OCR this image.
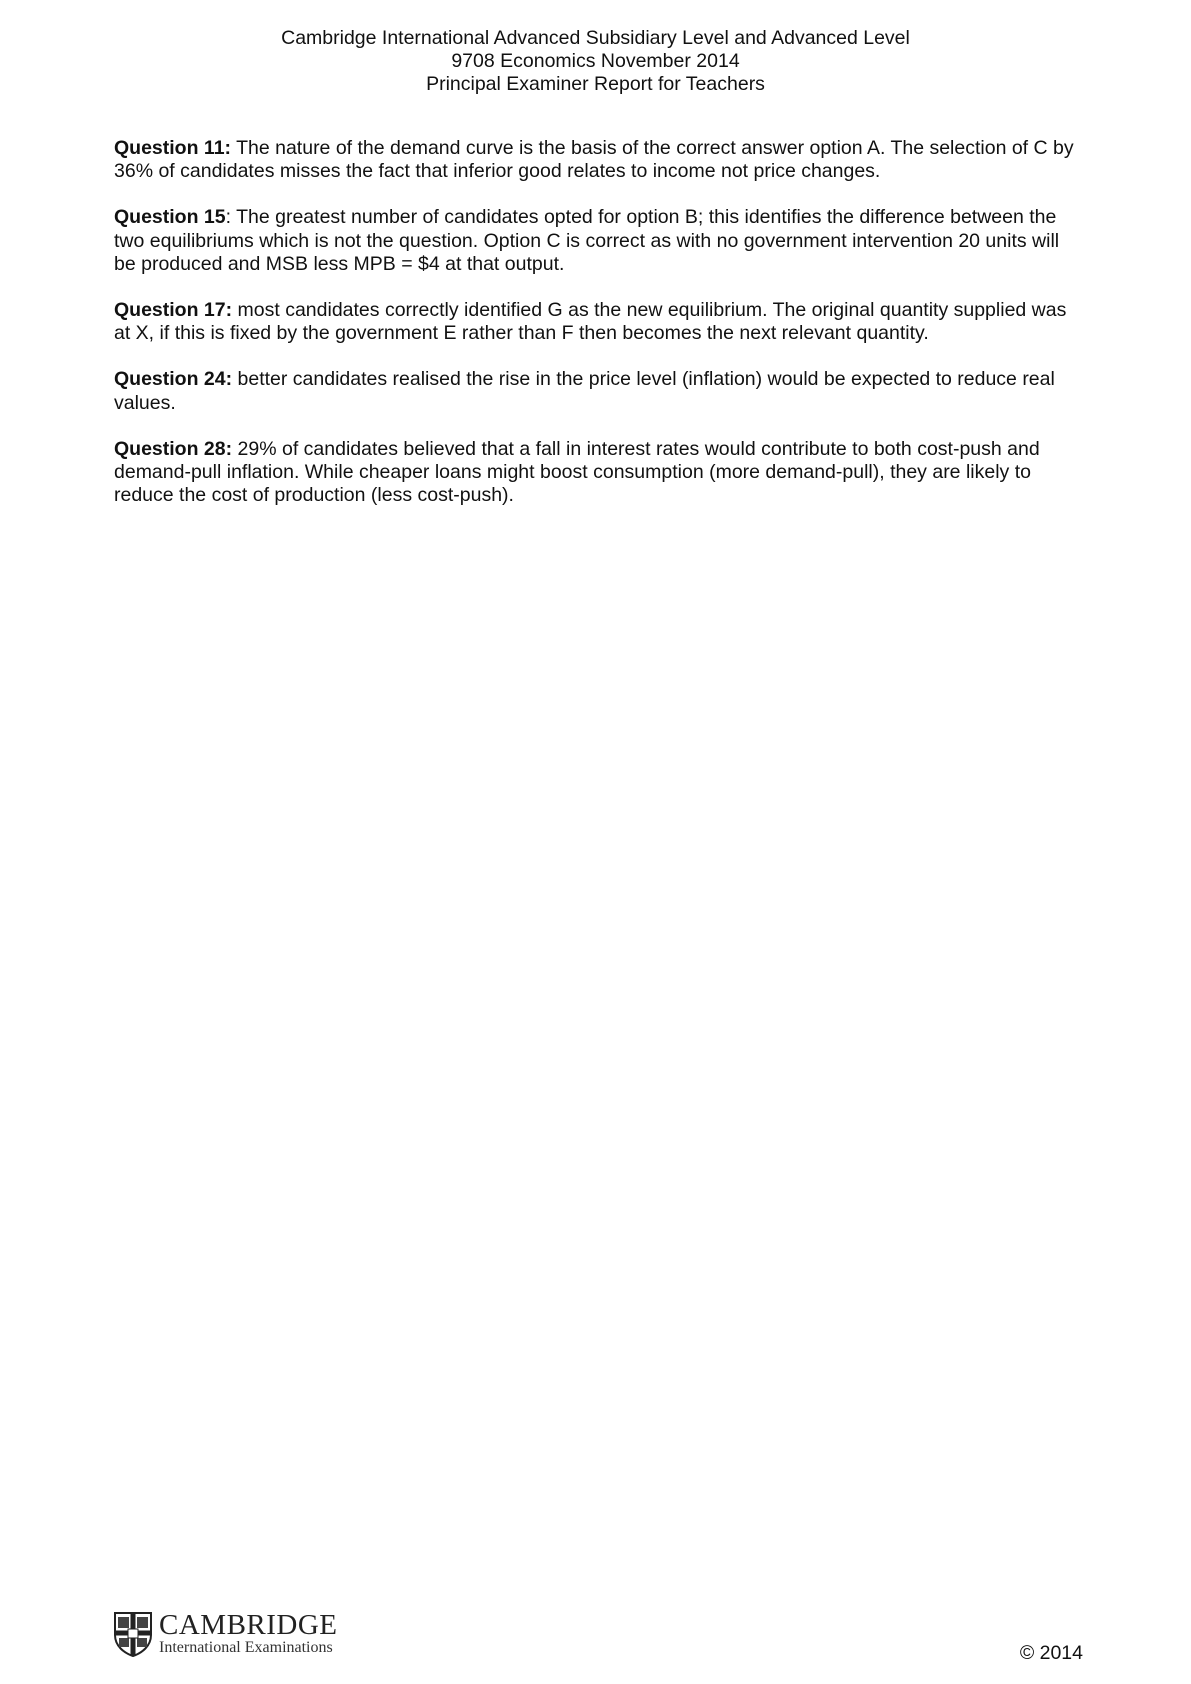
Cambridge International Advanced Subsidiary Level and Advanced Level
9708 Economics November 2014
Principal Examiner Report for Teachers

Question 11: The nature of the demand curve is the basis of the correct answer option A. The selection of C by 36% of candidates misses the fact that inferior good relates to income not price changes.

Question 15: The greatest number of candidates opted for option B; this identifies the difference between the two equilibriums which is not the question. Option C is correct as with no government intervention 20 units will be produced and MSB less MPB = $4 at that output.

Question 17: most candidates correctly identified G as the new equilibrium. The original quantity supplied was at X, if this is fixed by the government E rather than F then becomes the next relevant quantity.

Question 24: better candidates realised the rise in the price level (inflation) would be expected to reduce real values.

Question 28: 29% of candidates believed that a fall in interest rates would contribute to both cost-push and demand-pull inflation. While cheaper loans might boost consumption (more demand-pull), they are likely to reduce the cost of production (less cost-push).

CAMBRIDGE
International Examinations	© 2014
